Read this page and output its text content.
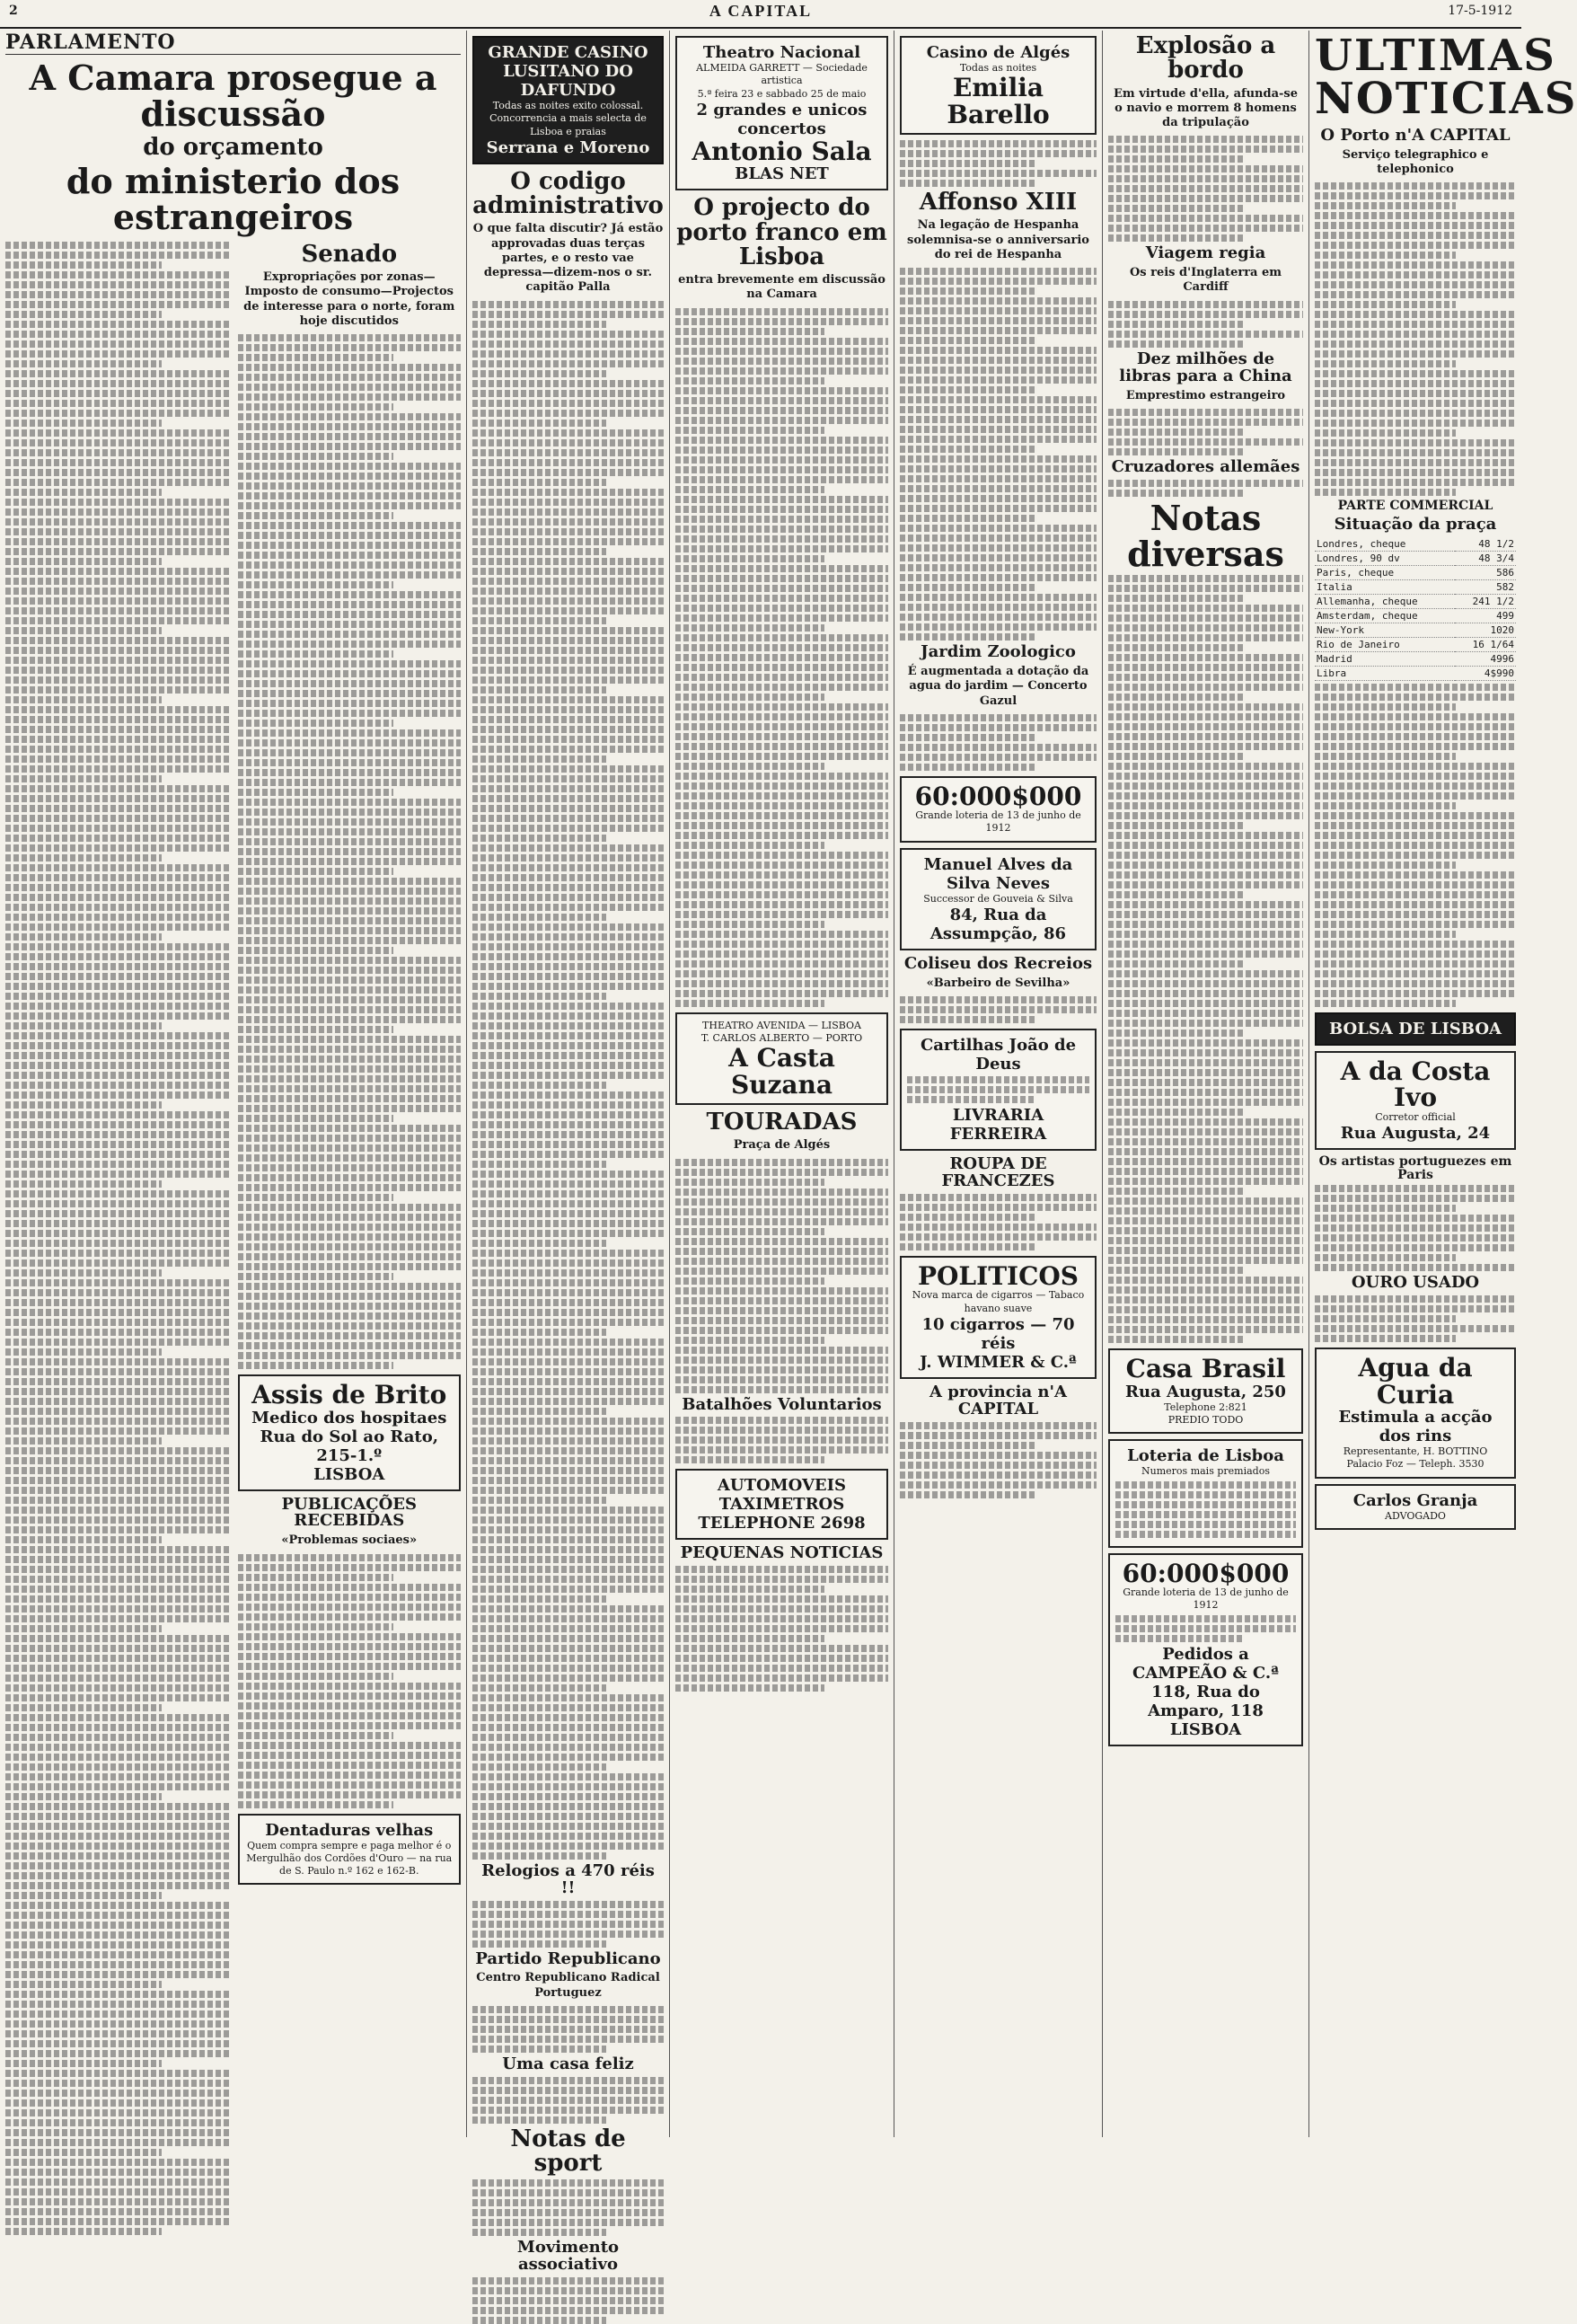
2	A CAPITAL	17-5-1912
PARLAMENTO
A Camara prosegue a discussão
do orçamento
do ministerio dos estrangeiros
Senado
Expropriações por zonas—Imposto de consumo—Projectos de interesse para o norte, foram hoje discutidos
Assis de Brito
Medico dos hospitaes
Rua do Sol ao Rato, 215-1.º
LISBOA
PUBLICAÇÕES RECEBIDAS
«Problemas sociaes»
Dentaduras velhas
Quem compra sempre e paga melhor é o Mergulhão dos Cordões d'Ouro — na rua de S. Paulo n.º 162 e 162-B.
GRANDE CASINO LUSITANO DO DAFUNDO
Todas as noites exito colossal. Concorrencia a mais selecta de Lisboa e praias
Serrana e Moreno
O codigo administrativo
O que falta discutir? Já estão approvadas duas terças partes, e o resto vae depressa—dizem-nos o sr. capitão Palla
Relogios a 470 réis !!
Partido Republicano
Centro Republicano Radical Portuguez
Uma casa feliz
Notas de sport
Movimento associativo
Theatro Nacional
ALMEIDA GARRETT — Sociedade artistica
5.ª feira 23 e sabbado 25 de maio
2 grandes e unicos concertos
Antonio Sala
BLAS NET
O projecto do porto franco em Lisboa
entra brevemente em discussão na Camara
THEATRO AVENIDA — LISBOA
T. CARLOS ALBERTO — PORTO
A Casta Suzana
TOURADAS
Praça de Algés
Batalhões Voluntarios
AUTOMOVEIS TAXIMETROS
TELEPHONE 2698
PEQUENAS NOTICIAS
Casino de Algés
Todas as noites
Emilia Barello
Affonso XIII
Na legação de Hespanha solemnisa-se o anniversario do rei de Hespanha
Jardim Zoologico
É augmentada a dotação da agua do jardim — Concerto Gazul
60:000$000
Grande loteria de 13 de junho de 1912
Manuel Alves da Silva Neves
Successor de Gouveia & Silva
84, Rua da Assumpção, 86
Coliseu dos Recreios
«Barbeiro de Sevilha»
Cartilhas João de Deus
LIVRARIA FERREIRA
ROUPA DE FRANCEZES
POLITICOS
Nova marca de cigarros — Tabaco havano suave
10 cigarros — 70 réis
J. WIMMER & C.ª
A provincia n'A CAPITAL
Explosão a bordo
Em virtude d'ella, afunda-se o navio e morrem 8 homens da tripulação
Viagem regia
Os reis d'Inglaterra em Cardiff
Dez milhões de libras para a China
Emprestimo estrangeiro
Cruzadores allemães
Notas diversas
Casa Brasil
Rua Augusta, 250
Telephone 2:821
PREDIO TODO
Loteria de Lisboa
Numeros mais premiados
60:000$000
Grande loteria de 13 de junho de 1912
Pedidos a CAMPEÃO & C.ª
118, Rua do Amparo, 118
LISBOA
ULTIMAS NOTICIAS
O Porto n'A CAPITAL
Serviço telegraphico e telephonico
PARTE COMMERCIAL
Situação da praça
Londres, cheque	48 1/2
Londres, 90 dv	48 3/4
Paris, cheque	586
Italia	582
Allemanha, cheque	241 1/2
Amsterdam, cheque	499
New-York	1020
Rio de Janeiro	16 1/64
Madrid	4996
Libra	4$990
BOLSA DE LISBOA
A da Costa Ivo
Corretor official
Rua Augusta, 24
Os artistas portuguezes em Paris
OURO USADO
Agua da Curia
Estimula a acção dos rins
Representante, H. BOTTINO
Palacio Foz — Teleph. 3530
Carlos Granja
ADVOGADO
